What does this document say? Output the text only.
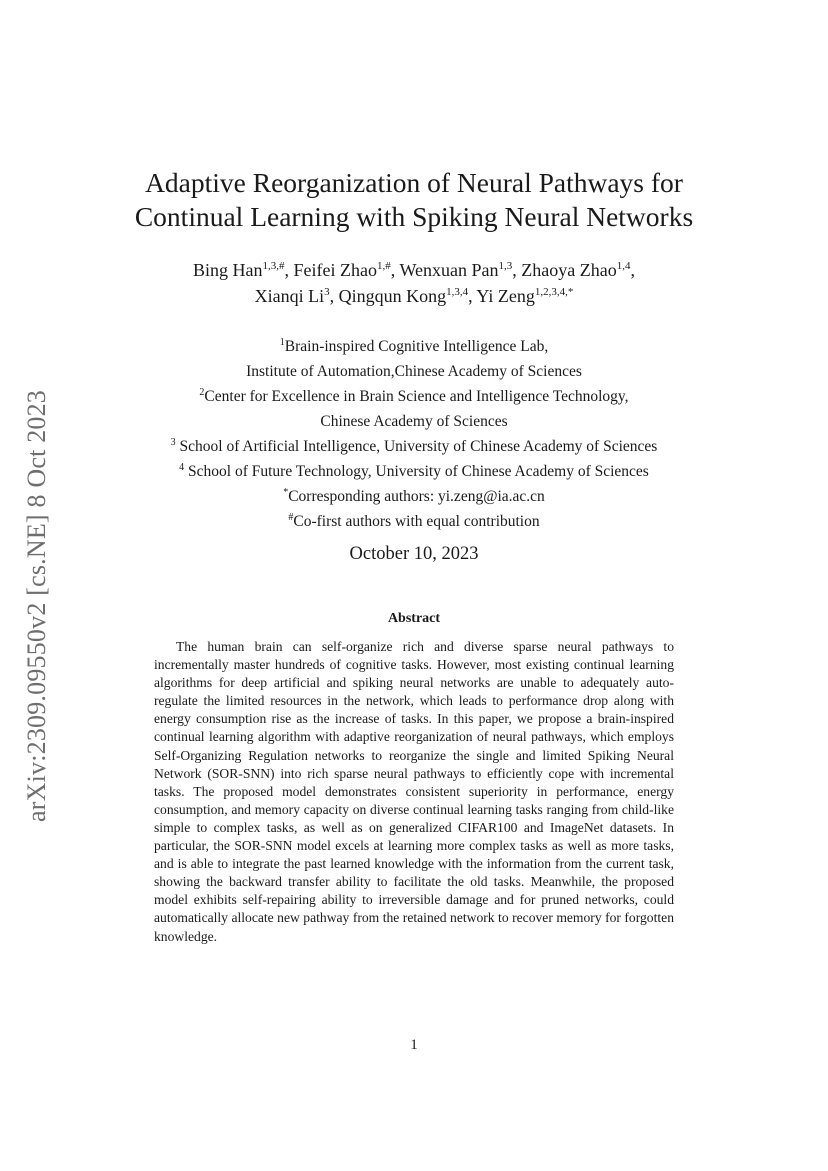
arXiv:2309.09550v2 [cs.NE] 8 Oct 2023
Adaptive Reorganization of Neural Pathways for
Continual Learning with Spiking Neural Networks
Bing Han$^{1,3,\#}$, Feifei Zhao$^{1,\#}$, Wenxuan Pan$^{1,3}$, Zhaoya Zhao$^{1,4}$,
Xianqi Li$^3$, Qingqun Kong$^{1,3,4}$, Yi Zeng$^{1,2,3,4,*}$
$^1$Brain-inspired Cognitive Intelligence Lab,
Institute of Automation,Chinese Academy of Sciences
$^2$Center for Excellence in Brain Science and Intelligence Technology,
Chinese Academy of Sciences
$^3$ School of Artificial Intelligence, University of Chinese Academy of Sciences
$^4$ School of Future Technology, University of Chinese Academy of Sciences
*Corresponding authors: yi.zeng@ia.ac.cn
#Co-first authors with equal contribution
October 10, 2023
Abstract

The human brain can self-organize rich and diverse sparse neural pathways to incrementally master hundreds of cognitive tasks. However, most existing continual learning algorithms for deep artificial and spiking neural networks are unable to adequately auto-regulate the limited resources in the network, which leads to performance drop along with energy consumption rise as the increase of tasks. In this paper, we propose a brain-inspired continual learning algorithm with adaptive reorganization of neural pathways, which employs Self-Organizing Regulation networks to reorganize the single and limited Spiking Neural Network (SOR-SNN) into rich sparse neural pathways to efficiently cope with incremental tasks. The proposed model demonstrates consistent superiority in performance, energy consumption, and memory capacity on diverse continual learning tasks ranging from child-like simple to complex tasks, as well as on generalized CIFAR100 and ImageNet datasets. In particular, the SOR-SNN model excels at learning more complex tasks as well as more tasks, and is able to integrate the past learned knowledge with the information from the current task, showing the backward transfer ability to facilitate the old tasks. Meanwhile, the proposed model exhibits self-repairing ability to irreversible damage and for pruned networks, could automatically allocate new pathway from the retained network to recover memory for forgotten knowledge.

1
